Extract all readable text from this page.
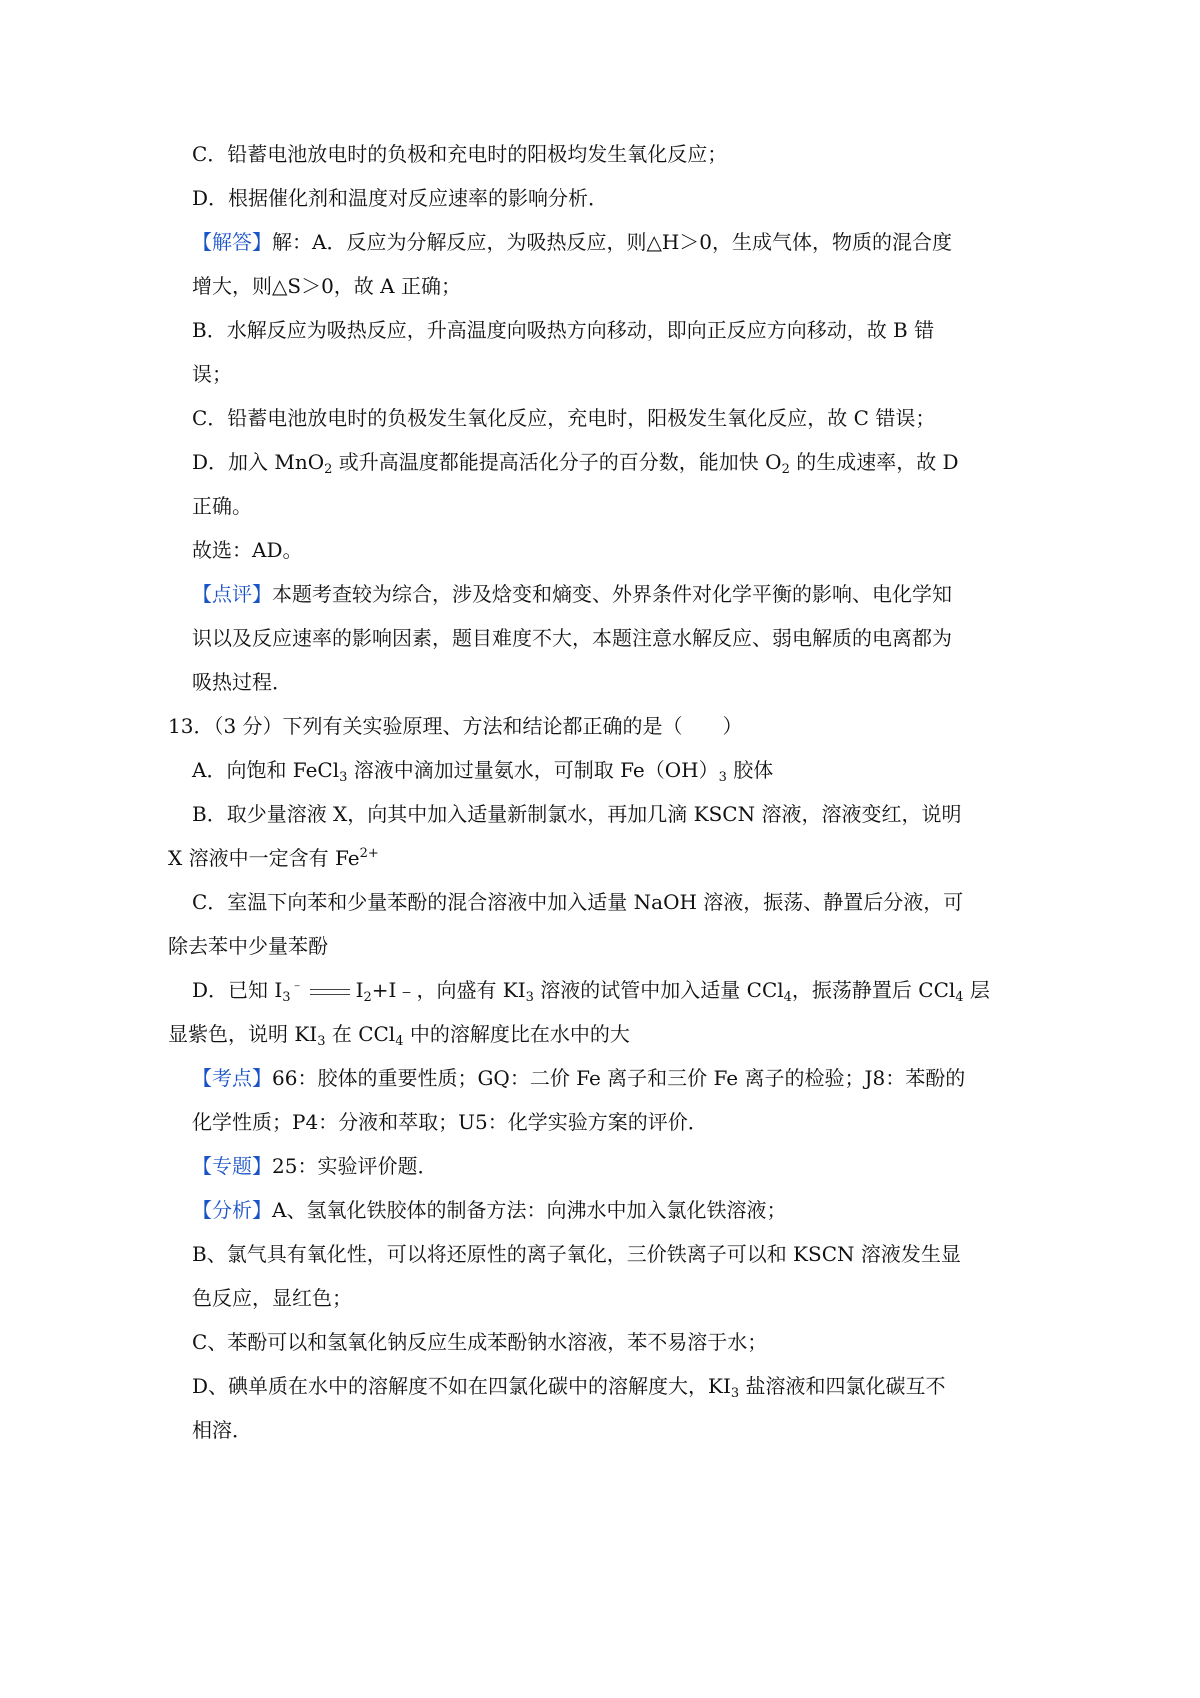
C．铅蓄电池放电时的负极和充电时的阳极均发生氧化反应；
D．根据催化剂和温度对反应速率的影响分析．
【解答】解：A．反应为分解反应，为吸热反应，则△H＞0，生成气体，物质的混合度
增大，则△S＞0，故 A 正确；
B．水解反应为吸热反应，升高温度向吸热方向移动，即向正反应方向移动，故 B 错
误；
C．铅蓄电池放电时的负极发生氧化反应，充电时，阳极发生氧化反应，故 C 错误；
D．加入 MnO$_2$ 或升高温度都能提高活化分子的百分数，能加快 $O_2$ 的生成速率，故 D
正确。
故选：AD。
【点评】本题考查较为综合，涉及焓变和熵变、外界条件对化学平衡的影响、电化学知
识以及反应速率的影响因素，题目难度不大，本题注意水解反应、弱电解质的电离都为
吸热过程．
13．（3 分）下列有关实验原理、方法和结论都正确的是（　　）
A．向饱和 FeCl$_3$ 溶液中滴加过量氨水，可制取 $Fe(OH)_3$ 胶体
B．取少量溶液 X，向其中加入适量新制氯水，再加几滴 KSCN 溶液，溶液变红，说明
X 溶液中一定含有 $Fe^{2+}$
C．室温下向苯和少量苯酚的混合溶液中加入适量 NaOH 溶液，振荡、静置后分液，可
除去苯中少量苯酚
D．已知 $I_3^﹣$	$I_2+I﹣$，向盛有 $KI_3$ 溶液的试管中加入适量 CCl$_4$，振荡静置后 CCl$_4$ 层
显紫色，说明 $KI_3$ 在 CCl$_4$ 中的溶解度比在水中的大
【考点】66：胶体的重要性质；GQ：二价 Fe 离子和三价 Fe 离子的检验；J8：苯酚的
化学性质；P4：分液和萃取；U5：化学实验方案的评价．
【专题】25：实验评价题．
【分析】A、氢氧化铁胶体的制备方法：向沸水中加入氯化铁溶液；
B、氯气具有氧化性，可以将还原性的离子氧化，三价铁离子可以和 KSCN 溶液发生显
色反应，显红色；
C、苯酚可以和氢氧化钠反应生成苯酚钠水溶液，苯不易溶于水；
D、碘单质在水中的溶解度不如在四氯化碳中的溶解度大，$KI_3$ 盐溶液和四氯化碳互不
相溶．
